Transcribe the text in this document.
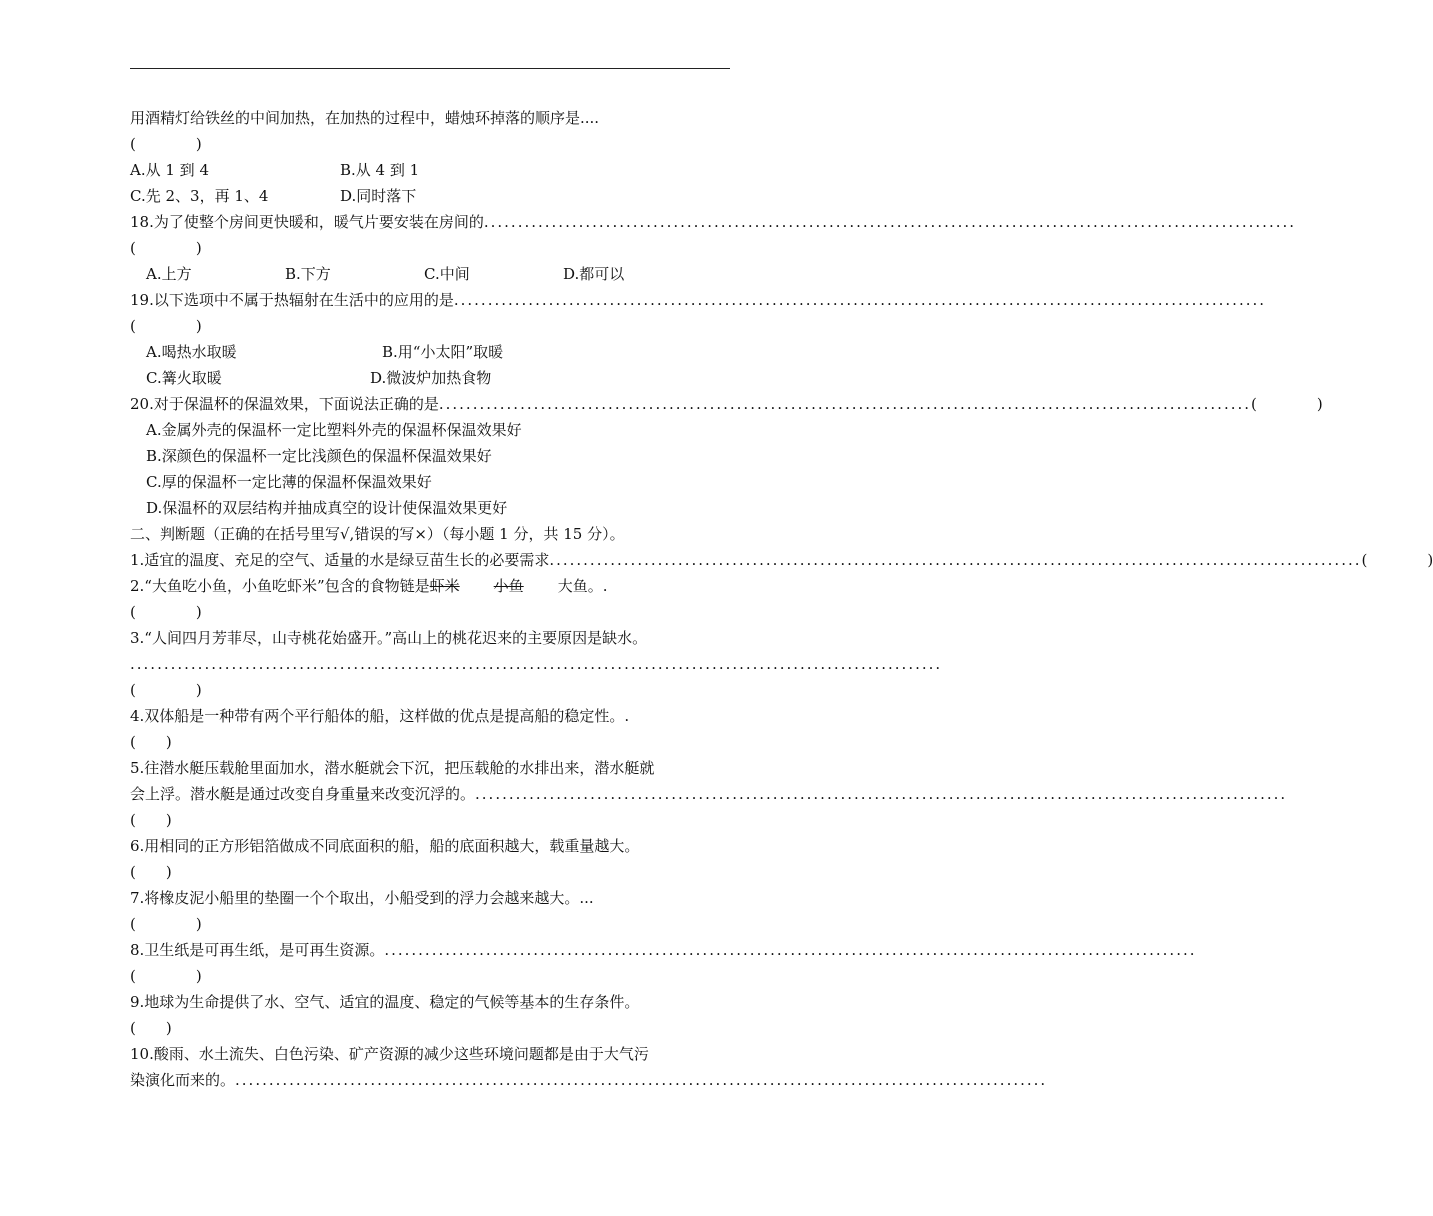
用酒精灯给铁丝的中间加热，在加热的过程中，蜡烛环掉落的顺序是....
(　　　　)
A.从 1 到 4	B.从 4 到 1
C.先 2、3，再 1、4	D.同时落下
18.为了使整个房间更快暖和，暖气片要安装在房间的 ........................................................................................................................
(　　　　)
A.上方	B.下方	C.中间	D.都可以
19.以下选项中不属于热辐射在生活中的应用的是 ........................................................................................................................
(　　　　)
A.喝热水取暖	B.用“小太阳”取暖
C.篝火取暖	D.微波炉加热食物
20.对于保温杯的保温效果，下面说法正确的是 ........................................................................................................................ (　　　　)
A.金属外壳的保温杯一定比塑料外壳的保温杯保温效果好
B.深颜色的保温杯一定比浅颜色的保温杯保温效果好
C.厚的保温杯一定比薄的保温杯保温效果好
D.保温杯的双层结构并抽成真空的设计使保温效果更好
二、判断题（正确的在括号里写√,错误的写×）（每小题 1 分，共 15 分）。
1.适宜的温度、充足的空气、适量的水是绿豆苗生长的必要需求 ........................................................................................................................ (　　　　)
2.“大鱼吃小鱼，小鱼吃虾米”包含的食物链是虾米 小鱼 大鱼。.
(　　　　)
3.“人间四月芳菲尽，山寺桃花始盛开。”高山上的桃花迟来的主要原因是缺水。
........................................................................................................................
(　　　　)
4.双体船是一种带有两个平行船体的船，这样做的优点是提高船的稳定性。.
(　　)
5.往潜水艇压载舱里面加水，潜水艇就会下沉，把压载舱的水排出来，潜水艇就
会上浮。潜水艇是通过改变自身重量来改变沉浮的。 ........................................................................................................................
(　　)
6.用相同的正方形铝箔做成不同底面积的船，船的底面积越大，载重量越大。
(　　)
7.将橡皮泥小船里的垫圈一个个取出，小船受到的浮力会越来越大。...
(　　　　)
8.卫生纸是可再生纸，是可再生资源。 ........................................................................................................................
(　　　　)
9.地球为生命提供了水、空气、适宜的温度、稳定的气候等基本的生存条件。
(　　)
10.酸雨、水土流失、白色污染、矿产资源的减少这些环境问题都是由于大气污
染演化而来的。 ........................................................................................................................
